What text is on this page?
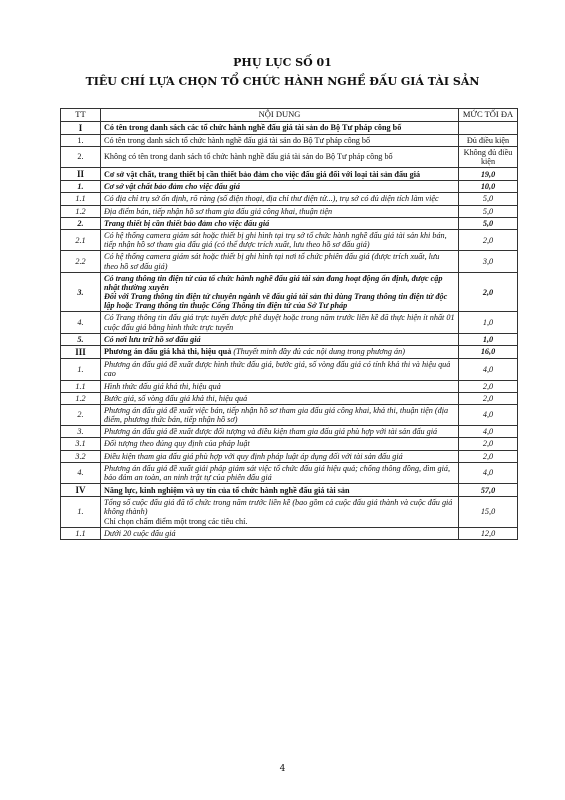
PHỤ LỤC SỐ 01
TIÊU CHÍ LỰA CHỌN TỔ CHỨC HÀNH NGHỀ ĐẤU GIÁ TÀI SẢN
TT	NỘI DUNG	MỨC TỐI ĐA
I	Có tên trong danh sách các tổ chức hành nghề đấu giá tài sản do Bộ Tư pháp công bố	
1.	Có tên trong danh sách tổ chức hành nghề đấu giá tài sản do Bộ Tư pháp công bố	Đủ điều kiện
2.	Không có tên trong danh sách tổ chức hành nghề đấu giá tài sản do Bộ Tư pháp công bố	Không đủ điều kiện
II	Cơ sở vật chất, trang thiết bị cần thiết bảo đảm cho việc đấu giá đối với loại tài sản đấu giá	19,0
1.	Cơ sở vật chất bảo đảm cho việc đấu giá	10,0
1.1	Có địa chỉ trụ sở ổn định, rõ ràng (số điện thoại, địa chỉ thư điện tử...), trụ sở có đủ diện tích làm việc	5,0
1.2	Địa điểm bán, tiếp nhận hồ sơ tham gia đấu giá công khai, thuận tiện	5,0
2.	Trang thiết bị cần thiết bảo đảm cho việc đấu giá	5,0
2.1	Có hệ thống camera giám sát hoặc thiết bị ghi hình tại trụ sở tổ chức hành nghề đấu giá tài sản khi bán, tiếp nhận hồ sơ tham gia đấu giá (có thể được trích xuất, lưu theo hồ sơ đấu giá)	2,0
2.2	Có hệ thống camera giám sát hoặc thiết bị ghi hình tại nơi tổ chức phiên đấu giá (được trích xuất, lưu theo hồ sơ đấu giá)	3,0
3.	Có trang thông tin điện tử của tổ chức hành nghề đấu giá tài sản đang hoạt động ổn định, được cập nhật thường xuyên
Đối với Trang thông tin điện tử chuyên ngành về đấu giá tài sản thì dùng Trang thông tin điện tử độc lập hoặc Trang thông tin thuộc Cổng Thông tin điện tử của Sở Tư pháp	2,0
4.	Có Trang thông tin đấu giá trực tuyến được phê duyệt hoặc trong năm trước liền kề đã thực hiện ít nhất 01 cuộc đấu giá bằng hình thức trực tuyến	1,0
5.	Có nơi lưu trữ hồ sơ đấu giá	1,0
III	Phương án đấu giá khả thi, hiệu quả (Thuyết minh đầy đủ các nội dung trong phương án)	16,0
1.	Phương án đấu giá đề xuất được hình thức đấu giá, bước giá, số vòng đấu giá có tính khả thi và hiệu quả cao	4,0
1.1	Hình thức đấu giá khả thi, hiệu quả	2,0
1.2	Bước giá, số vòng đấu giá khả thi, hiệu quả	2,0
2.	Phương án đấu giá đề xuất việc bán, tiếp nhận hồ sơ tham gia đấu giá công khai, khả thi, thuận tiện (địa điểm, phương thức bán, tiếp nhận hồ sơ)	4,0
3.	Phương án đấu giá đề xuất được đối tượng và điều kiện tham gia đấu giá phù hợp với tài sản đấu giá	4,0
3.1	Đối tượng theo đúng quy định của pháp luật	2,0
3.2	Điều kiện tham gia đấu giá phù hợp với quy định pháp luật áp dụng đối với tài sản đấu giá	2,0
4.	Phương án đấu giá đề xuất giải pháp giám sát việc tổ chức đấu giá hiệu quả; chống thông đồng, dìm giá, bảo đảm an toàn, an ninh trật tự của phiên đấu giá	4,0
IV	Năng lực, kinh nghiệm và uy tín của tổ chức hành nghề đấu giá tài sản	57,0
1.	Tổng số cuộc đấu giá đã tổ chức trong năm trước liền kề (bao gồm cả cuộc đấu giá thành và cuộc đấu giá không thành)
Chỉ chọn chấm điểm một trong các tiêu chí.	15,0
1.1	Dưới 20 cuộc đấu giá	12,0
4
